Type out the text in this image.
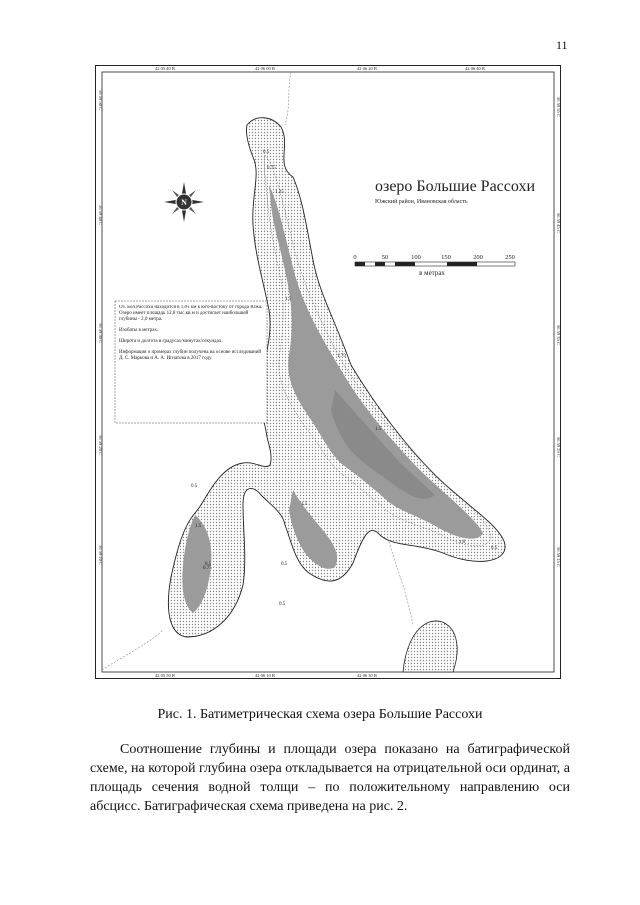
11
N
озеро Большие Рассохи
Южский район, Ивановская область
0	50	100	150	200	250
в метрах
Оз. Бол.Рассохи находится в 13¼ км к юго-востоку от города Южа. Озеро имеет площадь 12,8 тыс.кв.м и достигает наибольшей глубины - 2,0 метра.
Изобаты в метрах.
Широта и долгота в градусах/минутах/секундах.
Информация о промерах глубин получена на основе исследований Д. С. Маркова и А. А. Игнатова в 2017 году.
0.5
0.75
1.25
1.5
1.75
1.5
0.5
1.5
1.5
0.75
0.5	0.5
1.0
0.5
0.5
42 05 40 В	42 06 00 В	42 06 20 В	42 06 40 В
42 05 50 В	42 06 10 В	42 06 30 В
56 59 50 С
56 59 40 С
56 59 30 С
56 59 20 С
56 59 10 С
56 59 55 С
56 59 45 С
56 59 35 С
56 59 25 С
56 59 15 С
Рис. 1. Батиметрическая схема озера Большие Рассохи

Соотношение глубины и площади озера показано на батиграфической схеме, на которой глубина озера откладывается на отрицательной оси ординат, а площадь сечения водной толщи – по положительному направлению оси абсцисс. Батиграфическая схема приведена на рис. 2.
